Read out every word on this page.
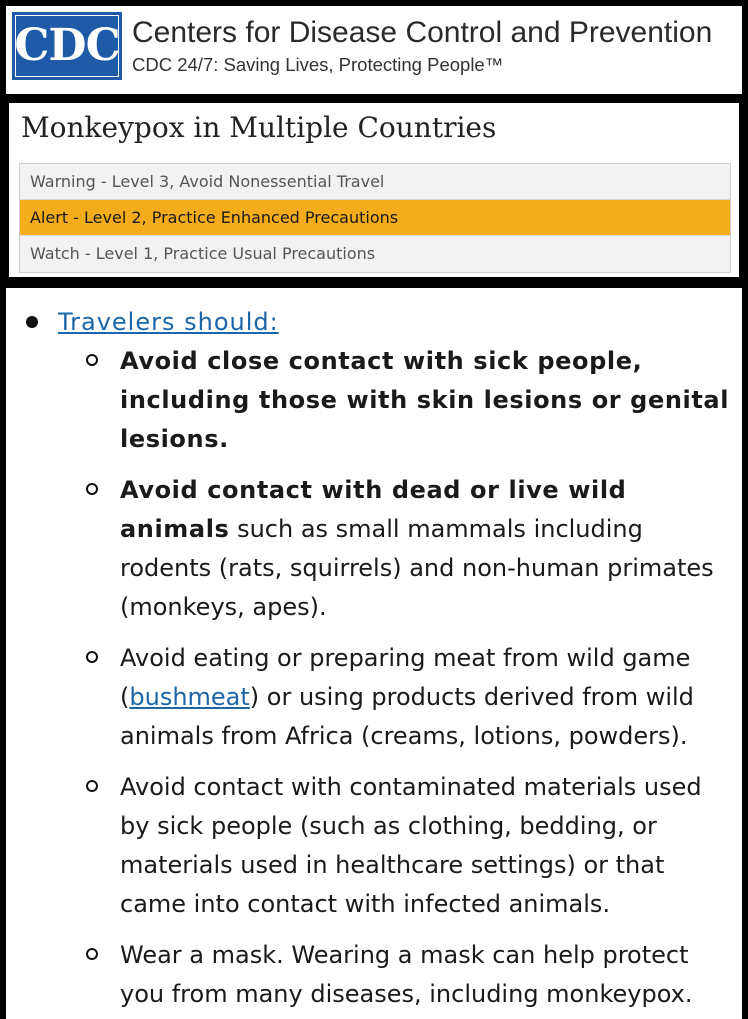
CDC Centers for Disease Control and Prevention
CDC 24/7: Saving Lives, Protecting People™
Monkeypox in Multiple Countries
Warning - Level 3, Avoid Nonessential Travel
Alert - Level 2, Practice Enhanced Precautions
Watch - Level 1, Practice Usual Precautions
Travelers should:
Avoid close contact with sick people, including those with skin lesions or genital lesions.
Avoid contact with dead or live wild animals such as small mammals including rodents (rats, squirrels) and non-human primates (monkeys, apes).
Avoid eating or preparing meat from wild game (bushmeat) or using products derived from wild animals from Africa (creams, lotions, powders).
Avoid contact with contaminated materials used by sick people (such as clothing, bedding, or materials used in healthcare settings) or that came into contact with infected animals.
Wear a mask. Wearing a mask can help protect you from many diseases, including monkeypox.
